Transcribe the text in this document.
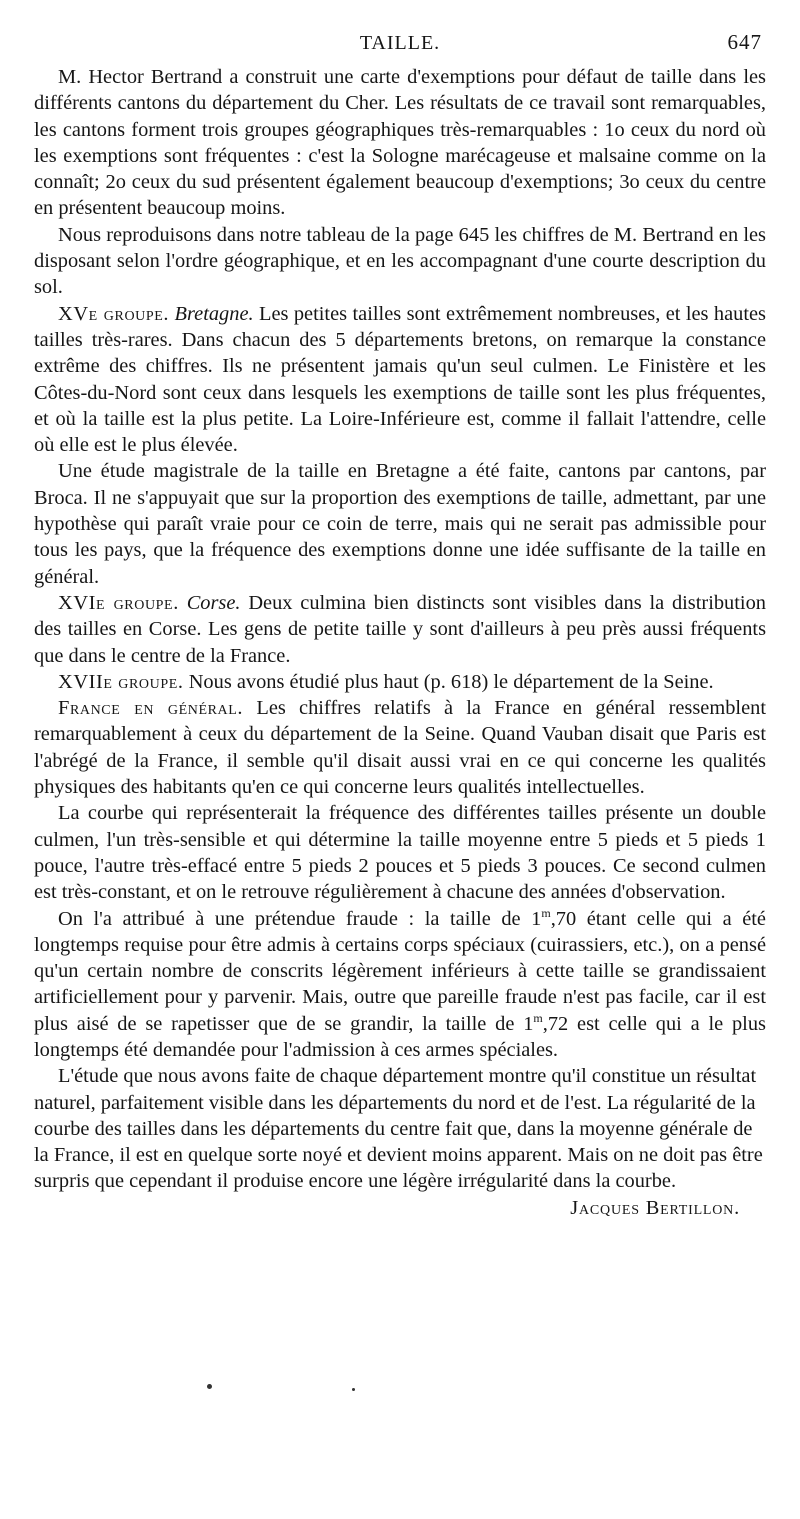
TAILLE.	647

M. Hector Bertrand a construit une carte d'exemptions pour défaut de taille dans les différents cantons du département du Cher. Les résultats de ce travail sont remarquables, les cantons forment trois groupes géographiques très-remarquables : 1o ceux du nord où les exemptions sont fréquentes : c'est la Sologne marécageuse et malsaine comme on la connaît; 2o ceux du sud présentent également beaucoup d'exemptions; 3o ceux du centre en présentent beaucoup moins.

Nous reproduisons dans notre tableau de la page 645 les chiffres de M. Bertrand en les disposant selon l'ordre géographique, et en les accompagnant d'une courte description du sol.

XVe groupe. Bretagne. Les petites tailles sont extrêmement nombreuses, et les hautes tailles très-rares. Dans chacun des 5 départements bretons, on remarque la constance extrême des chiffres. Ils ne présentent jamais qu'un seul culmen. Le Finistère et les Côtes-du-Nord sont ceux dans lesquels les exemptions de taille sont les plus fréquentes, et où la taille est la plus petite. La Loire-Inférieure est, comme il fallait l'attendre, celle où elle est le plus élevée.

Une étude magistrale de la taille en Bretagne a été faite, cantons par cantons, par Broca. Il ne s'appuyait que sur la proportion des exemptions de taille, admettant, par une hypothèse qui paraît vraie pour ce coin de terre, mais qui ne serait pas admissible pour tous les pays, que la fréquence des exemptions donne une idée suffisante de la taille en général.

XVIe groupe. Corse. Deux culmina bien distincts sont visibles dans la distribution des tailles en Corse. Les gens de petite taille y sont d'ailleurs à peu près aussi fréquents que dans le centre de la France.

XVIIe groupe. Nous avons étudié plus haut (p. 618) le département de la Seine.

France en général. Les chiffres relatifs à la France en général ressemblent remarquablement à ceux du département de la Seine. Quand Vauban disait que Paris est l'abrégé de la France, il semble qu'il disait aussi vrai en ce qui concerne les qualités physiques des habitants qu'en ce qui concerne leurs qualités intellectuelles.

La courbe qui représenterait la fréquence des différentes tailles présente un double culmen, l'un très-sensible et qui détermine la taille moyenne entre 5 pieds et 5 pieds 1 pouce, l'autre très-effacé entre 5 pieds 2 pouces et 5 pieds 3 pouces. Ce second culmen est très-constant, et on le retrouve régulièrement à chacune des années d'observation.

On l'a attribué à une prétendue fraude : la taille de 1$^m$,70 étant celle qui a été longtemps requise pour être admis à certains corps spéciaux (cuirassiers, etc.), on a pensé qu'un certain nombre de conscrits légèrement inférieurs à cette taille se grandissaient artificiellement pour y parvenir. Mais, outre que pareille fraude n'est pas facile, car il est plus aisé de se rapetisser que de se grandir, la taille de 1$^m$,72 est celle qui a le plus longtemps été demandée pour l'admission à ces armes spéciales.

L'étude que nous avons faite de chaque département montre qu'il constitue un résultat naturel, parfaitement visible dans les départements du nord et de l'est. La régularité de la courbe des tailles dans les départements du centre fait que, dans la moyenne générale de la France, il est en quelque sorte noyé et devient moins apparent. Mais on ne doit pas être surpris que cependant il produise encore une légère irrégularité dans la courbe.
Jacques Bertillon.
